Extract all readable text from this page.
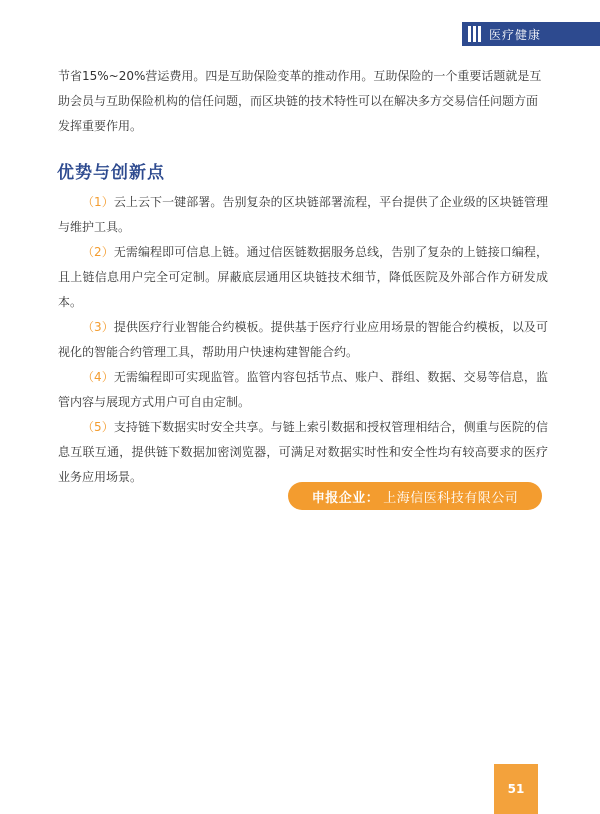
医疗健康

节省15%~20%营运费用。四是互助保险变革的推动作用。互助保险的一个重要话题就是互助会员与互助保险机构的信任问题，而区块链的技术特性可以在解决多方交易信任问题方面发挥重要作用。

优势与创新点

（1）云上云下一键部署。告别复杂的区块链部署流程，平台提供了企业级的区块链管理与维护工具。

（2）无需编程即可信息上链。通过信医链数据服务总线，告别了复杂的上链接口编程，且上链信息用户完全可定制。屏蔽底层通用区块链技术细节，降低医院及外部合作方研发成本。

（3）提供医疗行业智能合约模板。提供基于医疗行业应用场景的智能合约模板，以及可视化的智能合约管理工具，帮助用户快速构建智能合约。

（4）无需编程即可实现监管。监管内容包括节点、账户、群组、数据、交易等信息，监管内容与展现方式用户可自由定制。

（5）支持链下数据实时安全共享。与链上索引数据和授权管理相结合，侧重与医院的信息互联互通，提供链下数据加密浏览器，可满足对数据实时性和安全性均有较高要求的医疗业务应用场景。

申报企业： 上海信医科技有限公司
51
